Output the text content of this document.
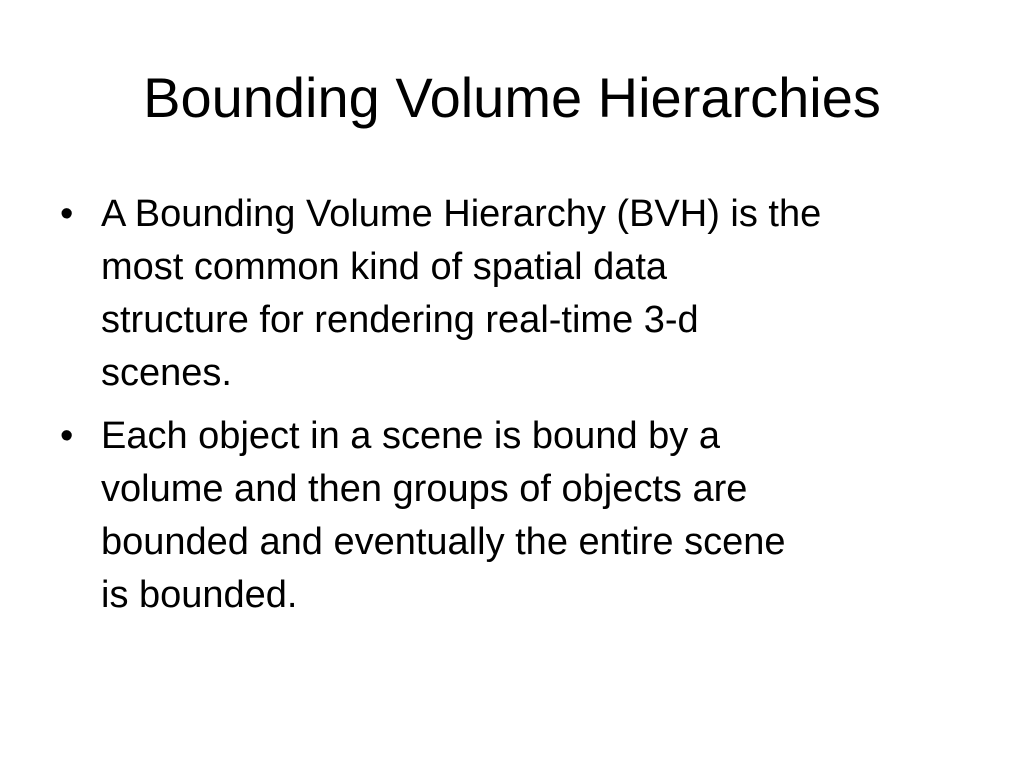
Bounding Volume Hierarchies
• A Bounding Volume Hierarchy (BVH) is the
most common kind of spatial data
structure for rendering real-time 3-d
scenes.
• Each object in a scene is bound by a
volume and then groups of objects are
bounded and eventually the entire scene
is bounded.
